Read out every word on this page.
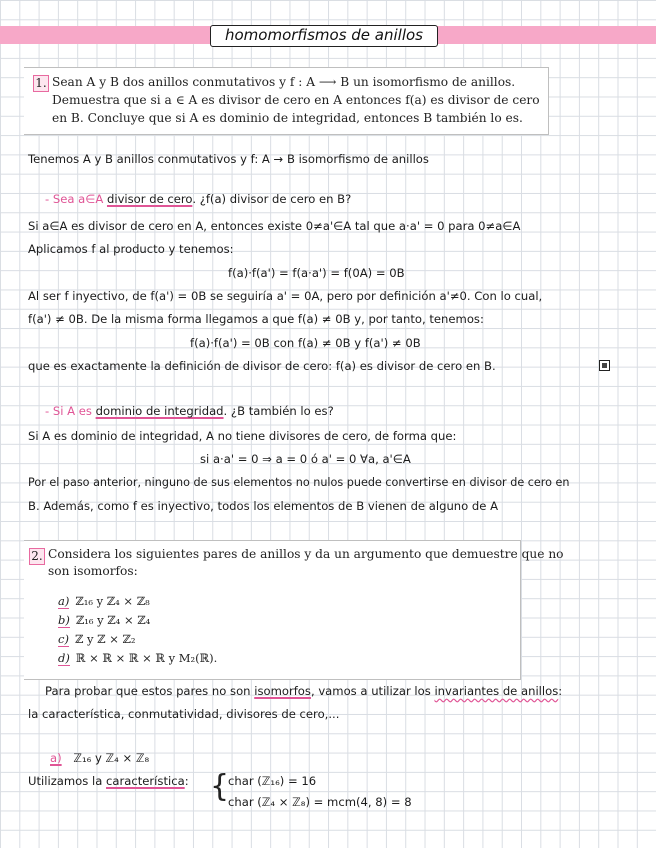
homomorfismos de anillos
1. Sean A y B dos anillos conmutativos y f : A ⟶ B un isomorfismo de anillos.
Demuestra que si a ∈ A es divisor de cero en A entonces f(a) es divisor de cero
en B. Concluye que si A es dominio de integridad, entonces B también lo es.
Tenemos A y B anillos conmutativos y f: A → B isomorfismo de anillos
- Sea a∈A divisor de cero. ¿f(a) divisor de cero en B?
Si a∈A es divisor de cero en A, entonces existe 0≠a'∈A tal que a·a' = 0 para 0≠a∈A
Aplicamos f al producto y tenemos:
f(a)·f(a') = f(a·a') = f(0A) = 0B
Al ser f inyectivo, de f(a') = 0B se seguiría a' = 0A, pero por definición a'≠0. Con lo cual,
f(a') ≠ 0B. De la misma forma llegamos a que f(a) ≠ 0B y, por tanto, tenemos:
f(a)·f(a') = 0B con f(a) ≠ 0B y f(a') ≠ 0B
que es exactamente la definición de divisor de cero: f(a) es divisor de cero en B.
- Si A es dominio de integridad. ¿B también lo es?
Si A es dominio de integridad, A no tiene divisores de cero, de forma que:
si a·a' = 0 ⇒ a = 0 ó a' = 0 ∀a, a'∈A
Por el paso anterior, ninguno de sus elementos no nulos puede convertirse en divisor de cero en
B. Además, como f es inyectivo, todos los elementos de B vienen de alguno de A
2. Considera los siguientes pares de anillos y da un argumento que demuestre que no
son isomorfos:
a) ℤ₁₆ y ℤ₄ × ℤ₈
b) ℤ₁₆ y ℤ₄ × ℤ₄
c) ℤ y ℤ × ℤ₂
d) ℝ × ℝ × ℝ × ℝ y M₂(ℝ).
Para probar que estos pares no son isomorfos, vamos a utilizar los invariantes de anillos:
la característica, conmutatividad, divisores de cero,...
a) ℤ₁₆ y ℤ₄ × ℤ₈
Utilizamos la característica: {
char (ℤ₁₆) = 16
char (ℤ₄ × ℤ₈) = mcm(4, 8) = 8
